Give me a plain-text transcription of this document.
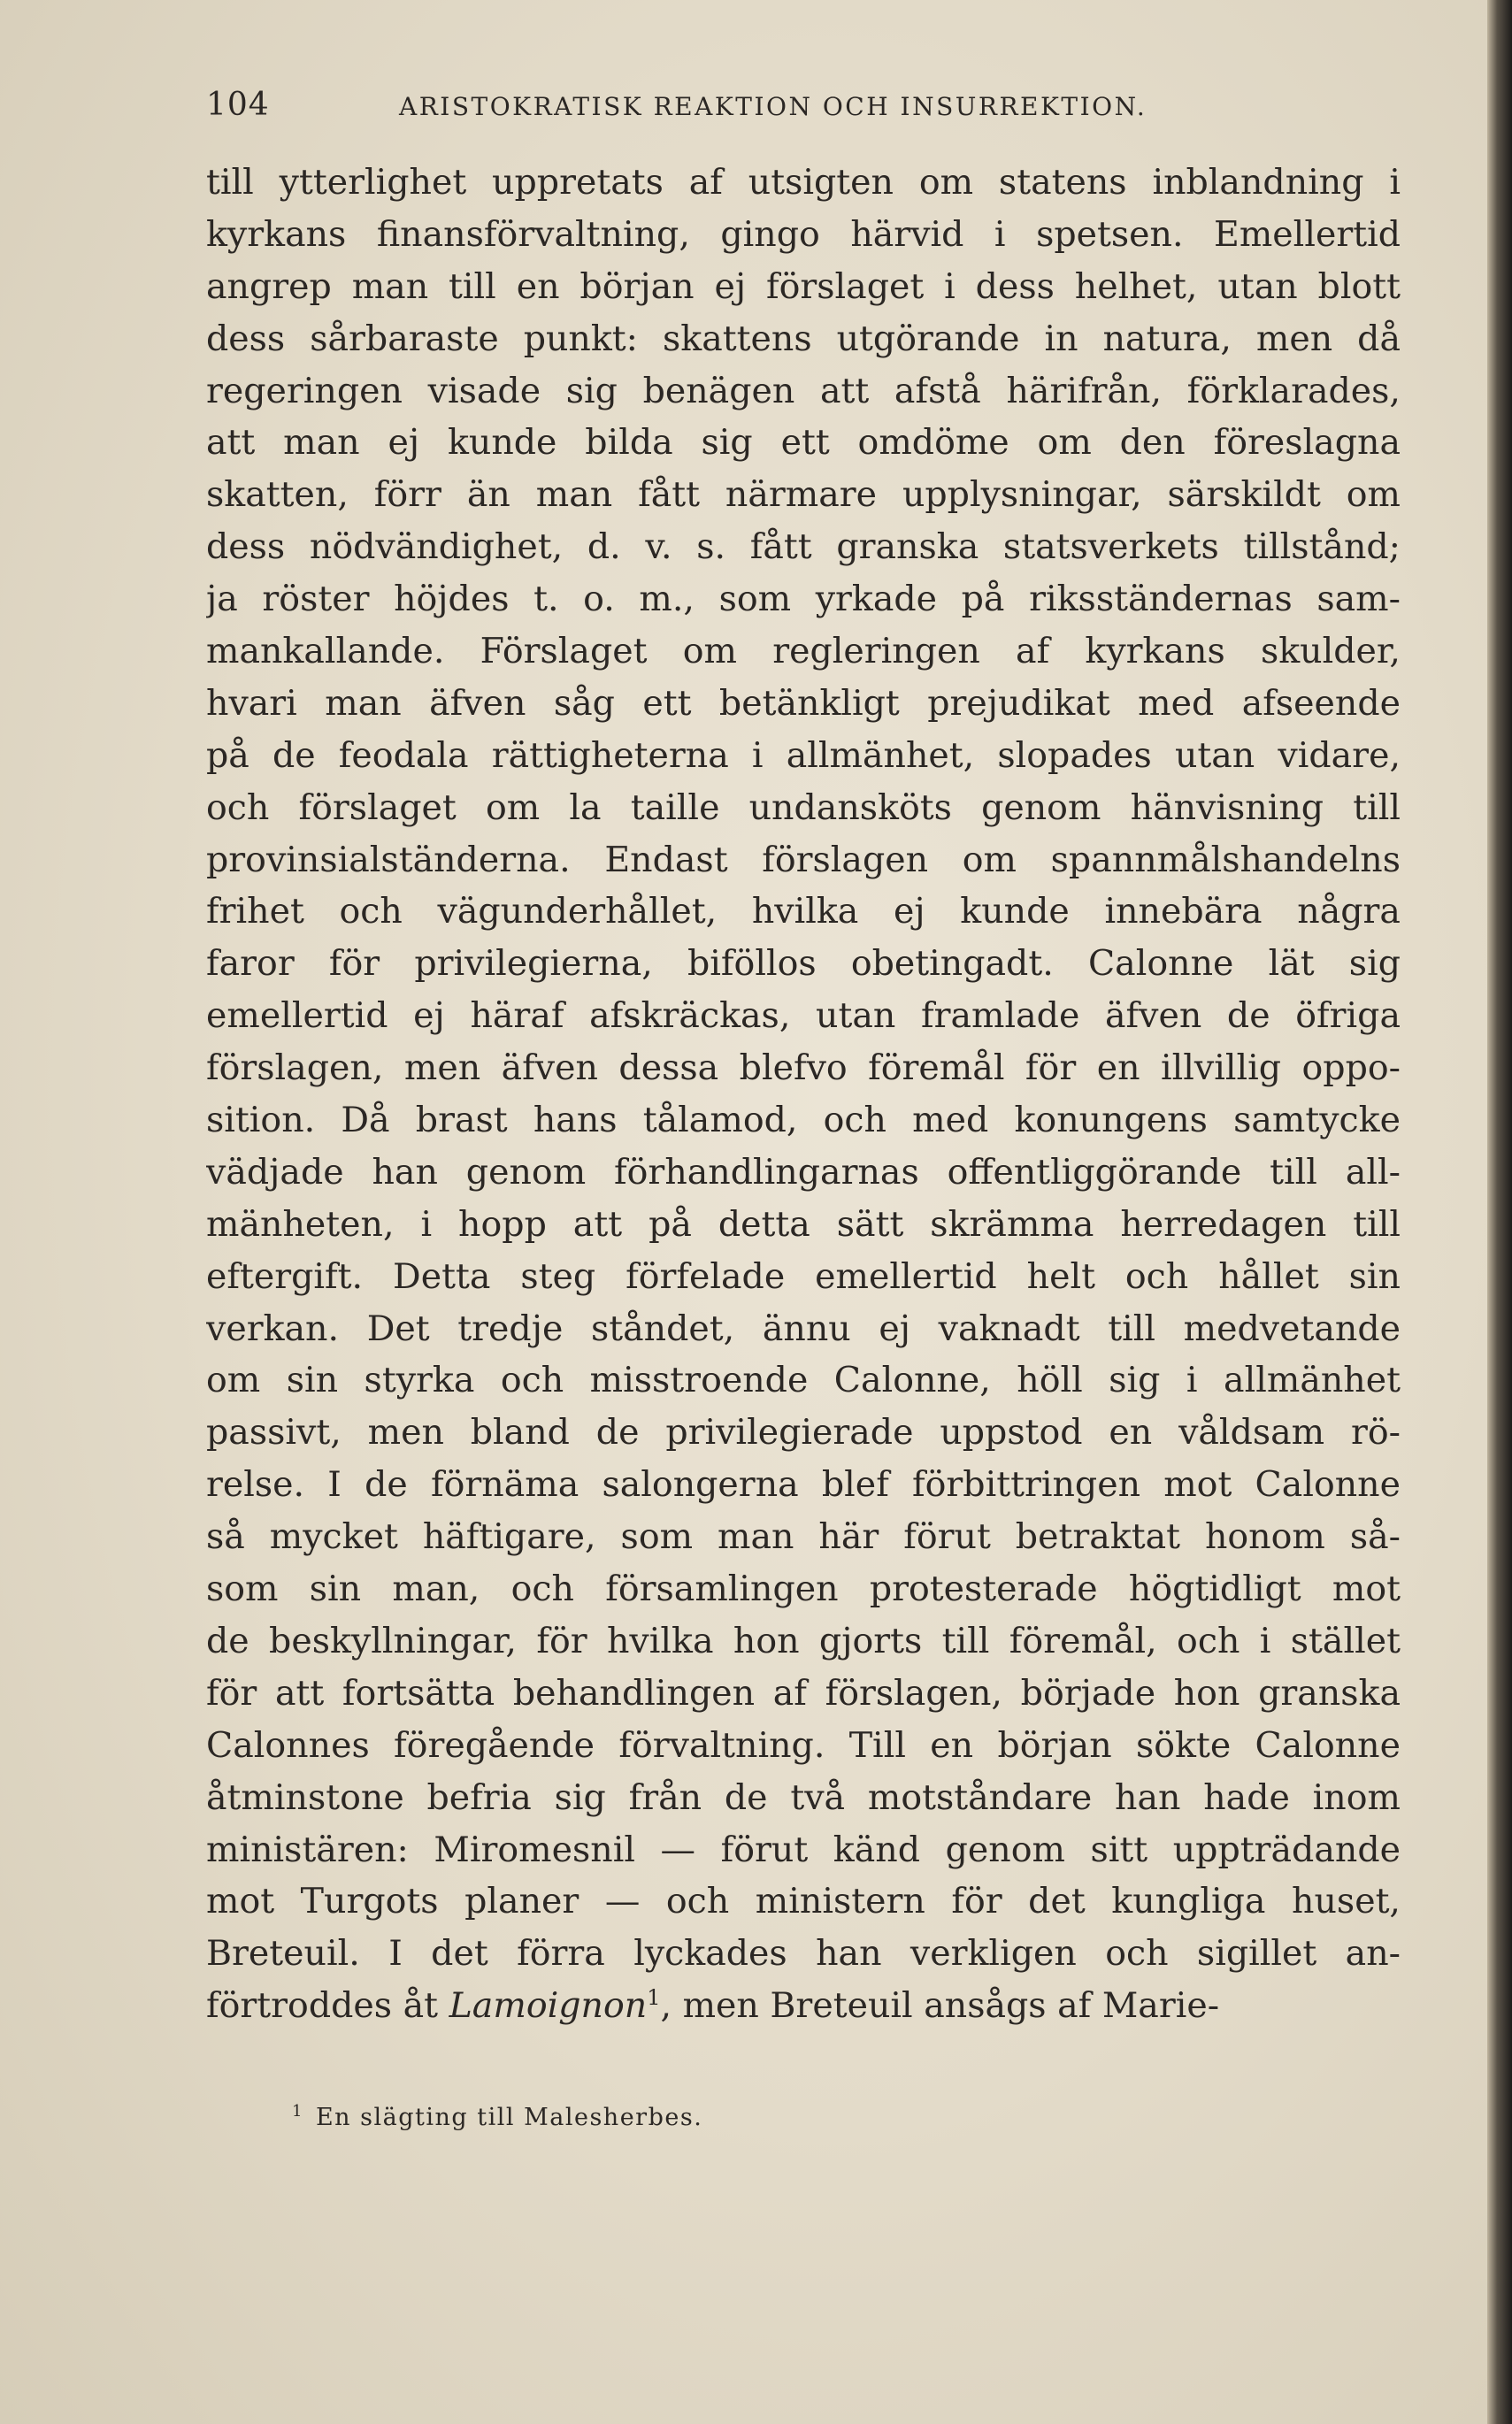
104	ARISTOKRATISK REAKTION OCH INSURREKTION.
till ytterlighet uppretats af utsigten om statens inblandning i
kyrkans finansförvaltning, gingo härvid i spetsen. Emellertid
angrep man till en början ej förslaget i dess helhet, utan blott
dess sårbaraste punkt: skattens utgörande in natura, men då
regeringen visade sig benägen att afstå härifrån, förklarades,
att man ej kunde bilda sig ett omdöme om den föreslagna
skatten, förr än man fått närmare upplysningar, särskildt om
dess nödvändighet, d. v. s. fått granska statsverkets tillstånd;
ja röster höjdes t. o. m., som yrkade på riksständernas sam-
mankallande. Förslaget om regleringen af kyrkans skulder,
hvari man äfven såg ett betänkligt prejudikat med afseende
på de feodala rättigheterna i allmänhet, slopades utan vidare,
och förslaget om la taille undansköts genom hänvisning till
provinsialständerna. Endast förslagen om spannmålshandelns
frihet och vägunderhållet, hvilka ej kunde innebära några
faror för privilegierna, biföllos obetingadt. Calonne lät sig
emellertid ej häraf afskräckas, utan framlade äfven de öfriga
förslagen, men äfven dessa blefvo föremål för en illvillig oppo-
sition. Då brast hans tålamod, och med konungens samtycke
vädjade han genom förhandlingarnas offentliggörande till all-
mänheten, i hopp att på detta sätt skrämma herredagen till
eftergift. Detta steg förfelade emellertid helt och hållet sin
verkan. Det tredje ståndet, ännu ej vaknadt till medvetande
om sin styrka och misstroende Calonne, höll sig i allmänhet
passivt, men bland de privilegierade uppstod en våldsam rö-
relse. I de förnäma salongerna blef förbittringen mot Calonne
så mycket häftigare, som man här förut betraktat honom så-
som sin man, och församlingen protesterade högtidligt mot
de beskyllningar, för hvilka hon gjorts till föremål, och i stället
för att fortsätta behandlingen af förslagen, började hon granska
Calonnes föregående förvaltning. Till en början sökte Calonne
åtminstone befria sig från de två motståndare han hade inom
ministären: Miromesnil — förut känd genom sitt uppträdande
mot Turgots planer — och ministern för det kungliga huset,
Breteuil. I det förra lyckades han verkligen och sigillet an-
förtroddes åt Lamoignon$^1$, men Breteuil ansågs af Marie-
$^1$ En slägting till Malesherbes.
